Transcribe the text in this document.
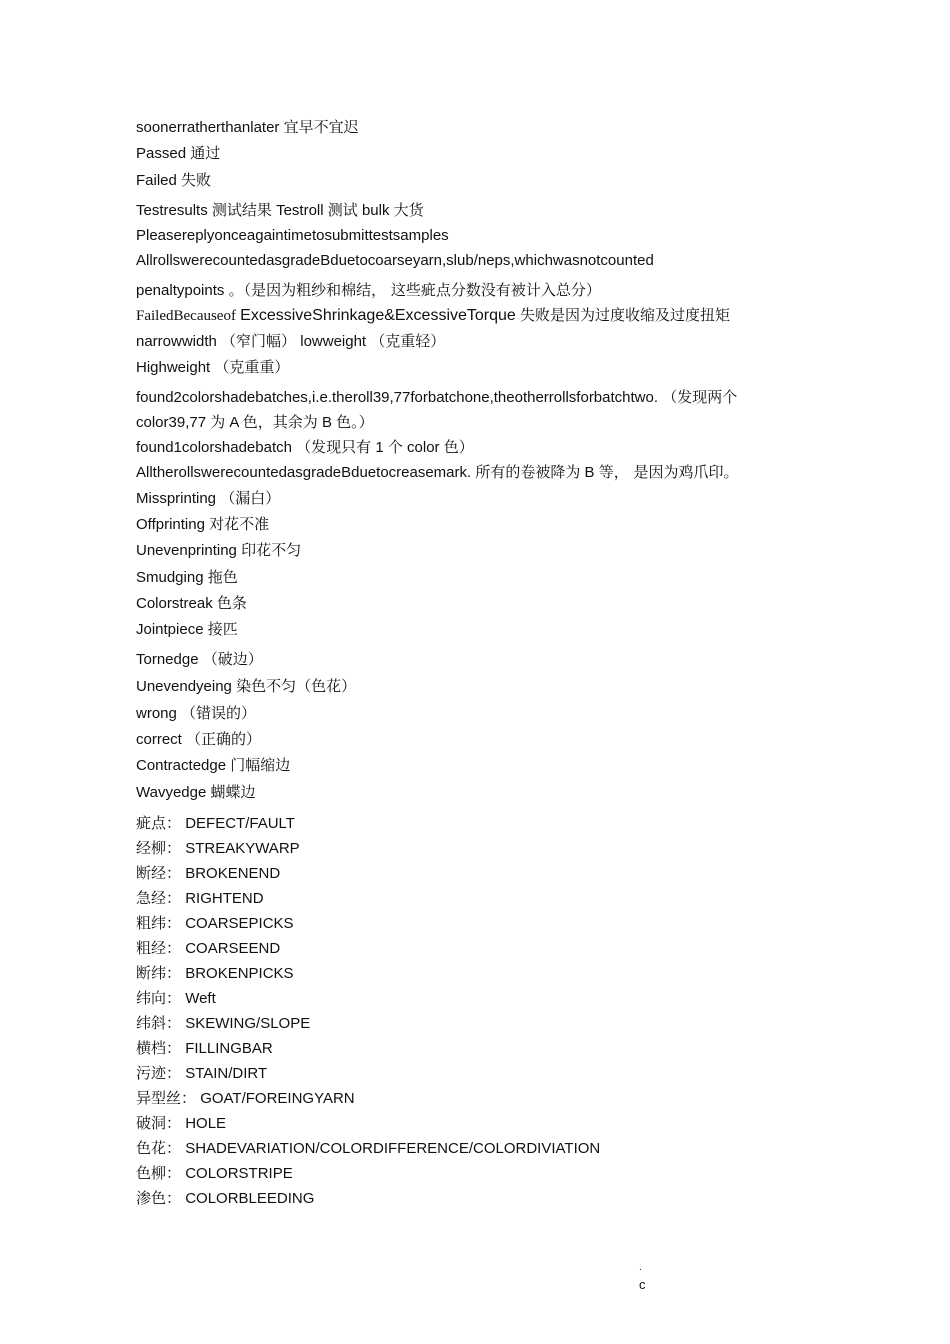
.
c
soonerratherthanlater 宜早不宜迟
Passed 通过
Failed 失败
Testresults 测试结果 Testroll 测试 bulk 大货
Pleasereplyonceagaintimetosubmittestsamples
AllrollswerecountedasgradeBduetocoarseyarn,slub/neps,whichwasnotcounted
penaltypoints 。（是因为粗纱和棉结， 这些疵点分数没有被计入总分）
FailedBecauseof ExcessiveShrinkage&ExcessiveTorque 失败是因为过度收缩及过度扭矩
narrowwidth （窄门幅） lowweight （克重轻）
Highweight （克重重）
found2colorshadebatches,i.e.theroll39,77forbatchone,theotherrollsforbatchtwo. （发现两个
color39,77 为 A 色，其余为 B 色。）
found1colorshadebatch （发现只有 1 个 color 色）
AlltherollswerecountedasgradeBduetocreasemark. 所有的卷被降为 B 等， 是因为鸡爪印。
Missprinting （漏白）
Offprinting 对花不准
Unevenprinting 印花不匀
Smudging 拖色
Colorstreak 色条
Jointpiece 接匹
Tornedge （破边）
Unevendyeing 染色不匀（色花）
wrong （错误的）
correct （正确的）
Contractedge 门幅缩边
Wavyedge 蝴蝶边
疵点： DEFECT/FAULT
经柳： STREAKYWARP
断经： BROKENEND
急经： RIGHTEND
粗纬： COARSEPICKS
粗经： COARSEEND
断纬： BROKENPICKS
纬向： Weft
纬斜： SKEWING/SLOPE
横档： FILLINGBAR
污迹： STAIN/DIRT
异型丝： GOAT/FOREINGYARN
破洞： HOLE
色花： SHADEVARIATION/COLORDIFFERENCE/COLORDIVIATION
色柳： COLORSTRIPE
渗色： COLORBLEEDING
